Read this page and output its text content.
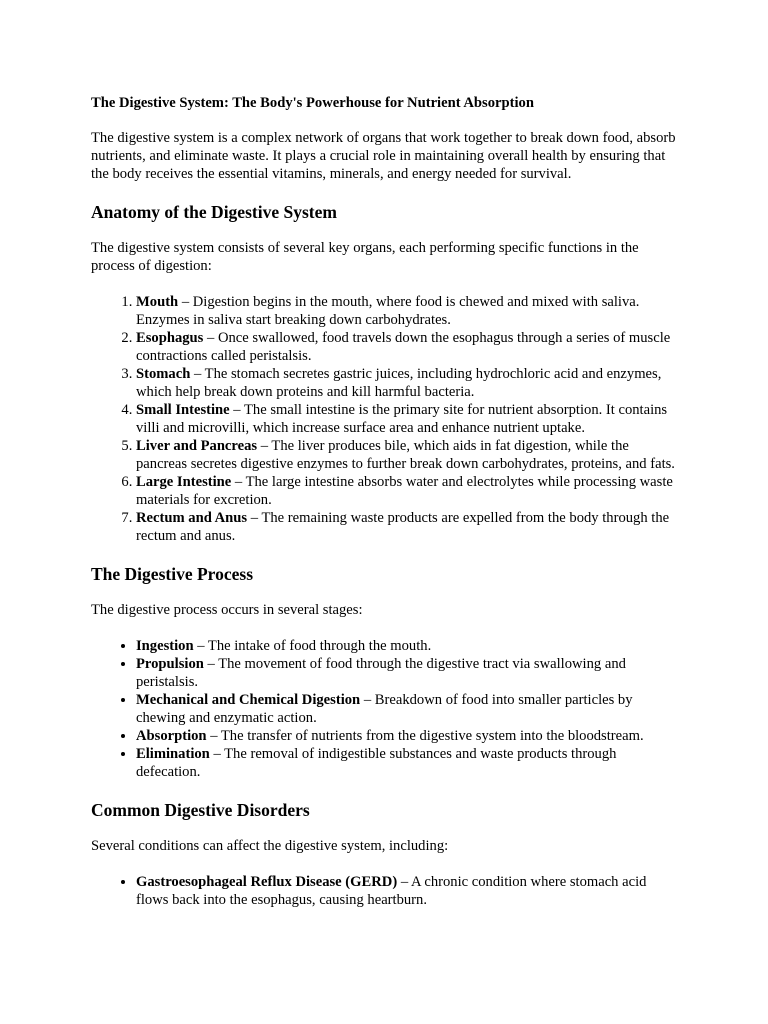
The Digestive System: The Body's Powerhouse for Nutrient Absorption

The digestive system is a complex network of organs that work together to break down food, absorb nutrients, and eliminate waste. It plays a crucial role in maintaining overall health by ensuring that the body receives the essential vitamins, minerals, and energy needed for survival.

Anatomy of the Digestive System

The digestive system consists of several key organs, each performing specific functions in the process of digestion:

1. Mouth – Digestion begins in the mouth, where food is chewed and mixed with saliva. Enzymes in saliva start breaking down carbohydrates.
2. Esophagus – Once swallowed, food travels down the esophagus through a series of muscle contractions called peristalsis.
3. Stomach – The stomach secretes gastric juices, including hydrochloric acid and enzymes, which help break down proteins and kill harmful bacteria.
4. Small Intestine – The small intestine is the primary site for nutrient absorption. It contains villi and microvilli, which increase surface area and enhance nutrient uptake.
5. Liver and Pancreas – The liver produces bile, which aids in fat digestion, while the pancreas secretes digestive enzymes to further break down carbohydrates, proteins, and fats.
6. Large Intestine – The large intestine absorbs water and electrolytes while processing waste materials for excretion.
7. Rectum and Anus – The remaining waste products are expelled from the body through the rectum and anus.
The Digestive Process

The digestive process occurs in several stages:

• Ingestion – The intake of food through the mouth.
• Propulsion – The movement of food through the digestive tract via swallowing and peristalsis.
• Mechanical and Chemical Digestion – Breakdown of food into smaller particles by chewing and enzymatic action.
• Absorption – The transfer of nutrients from the digestive system into the bloodstream.
• Elimination – The removal of indigestible substances and waste products through defecation.
Common Digestive Disorders

Several conditions can affect the digestive system, including:

• Gastroesophageal Reflux Disease (GERD) – A chronic condition where stomach acid flows back into the esophagus, causing heartburn.
